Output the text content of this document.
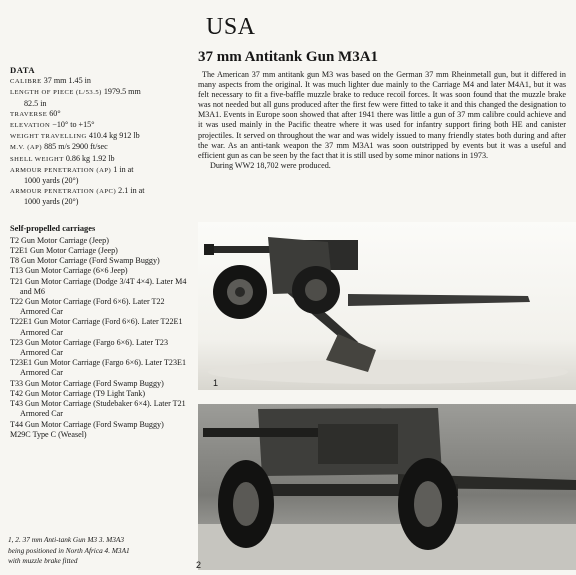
USA
37 mm Antitank Gun M3A1
DATA
CALIBRE 37 mm 1.45 in
LENGTH OF PIECE (L/53.5) 1979.5 mm
82.5 in
TRAVERSE 60°
ELEVATION −10° to +15°
WEIGHT TRAVELLING 410.4 kg 912 lb
M.V. (AP) 885 m/s 2900 ft/sec
SHELL WEIGHT 0.86 kg 1.92 lb
ARMOUR PENETRATION (AP) 1 in at
1000 yards (20°)
ARMOUR PENETRATION (APC) 2.1 in at
1000 yards (20°)
Self-propelled carriages
T2 Gun Motor Carriage (Jeep)
T2E1 Gun Motor Carriage (Jeep)
T8 Gun Motor Carriage (Ford Swamp Buggy)
T13 Gun Motor Carriage (6×6 Jeep)
T21 Gun Motor Carriage (Dodge 3/4T 4×4). Later M4 and M6
T22 Gun Motor Carriage (Ford 6×6). Later T22 Armored Car
T22E1 Gun Motor Carriage (Ford 6×6). Later T22E1 Armored Car
T23 Gun Motor Carriage (Fargo 6×6). Later T23 Armored Car
T23E1 Gun Motor Carriage (Fargo 6×6). Later T23E1 Armored Car
T33 Gun Motor Carriage (Ford Swamp Buggy)
T42 Gun Motor Carriage (T9 Light Tank)
T43 Gun Motor Carriage (Studebaker 6×4). Later T21 Armored Car
T44 Gun Motor Carriage (Ford Swamp Buggy)
M29C Type C (Weasel)

The American 37 mm antitank gun M3 was based on the German 37 mm Rheinmetall gun, but it differed in many aspects from the original. It was much lighter due mainly to the Carriage M4 and later M4A1, but it was felt necessary to fit a five-baffle muzzle brake to reduce recoil forces. It was soon found that the muzzle brake was not needed but all guns produced after the first few were fitted to take it and this changed the designation to M3A1. Events in Europe soon showed that after 1941 there was little a gun of 37 mm calibre could achieve and it was used mainly in the Pacific theatre where it was used for infantry support firing both HE and canister projectiles. It served on throughout the war and was widely issued to many friendly states both during and after the war. As an anti-tank weapon the 37 mm M3A1 was soon outstripped by events but it was a useful and efficient gun as can be seen by the fact that it is still used by some minor nations in 1973.

During WW2 18,702 were produced.

1
2
1, 2. 37 mm Anti-tank Gun M3 3. M3A3
being positioned in North Africa 4. M3A1
with muzzle brake fitted
